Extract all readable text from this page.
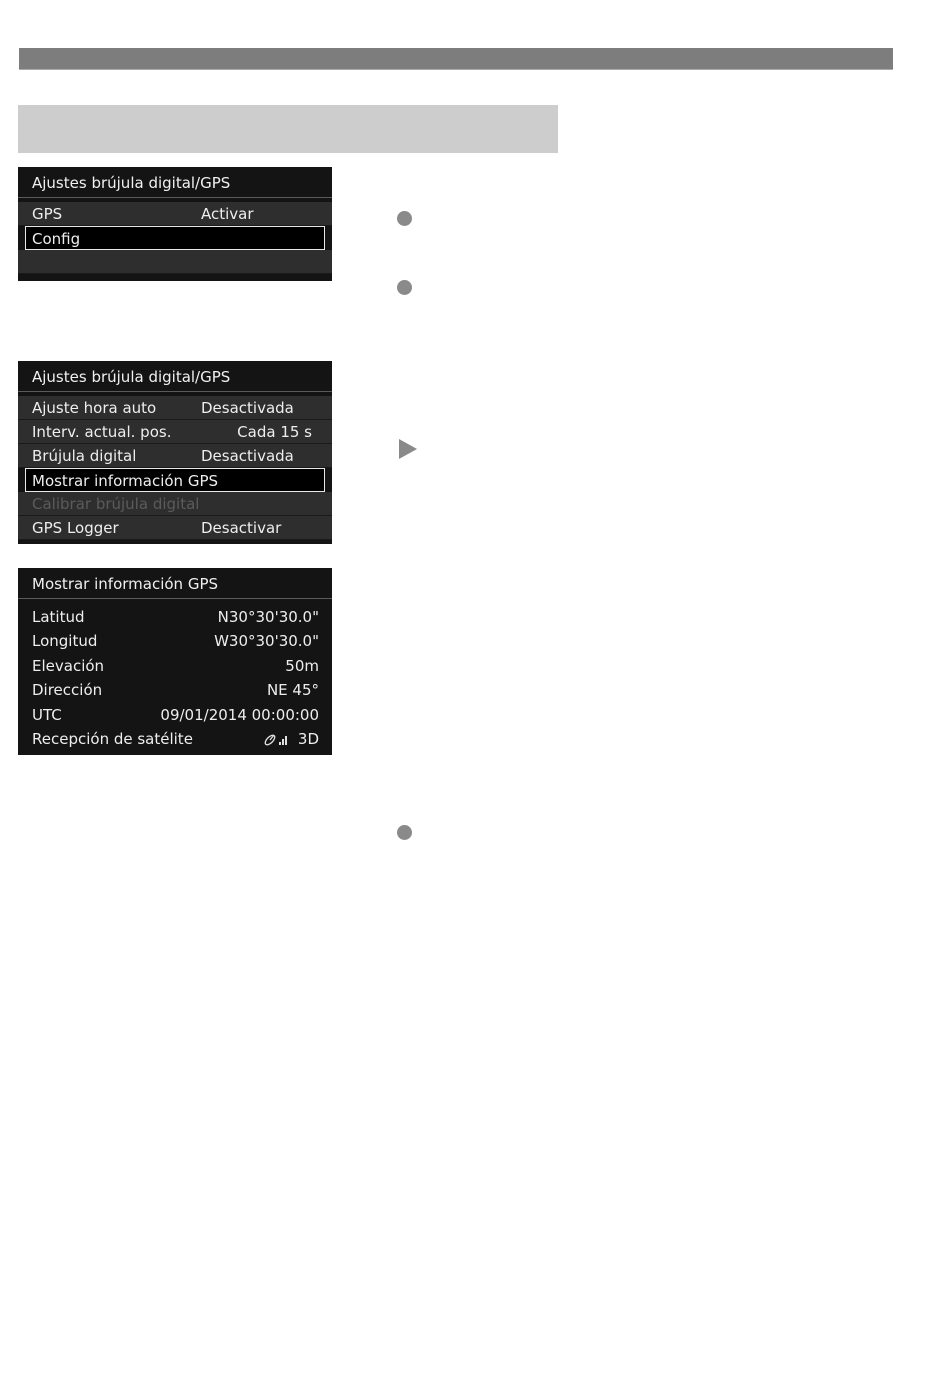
Ajustes brújula digital/GPS
GPS	Activar
Config
Ajustes brújula digital/GPS
Ajuste hora auto	Desactivada
Interv. actual. pos.	Cada 15 s
Brújula digital	Desactivada
Mostrar información GPS
Calibrar brújula digital
GPS Logger	Desactivar
Mostrar información GPS
Latitud	N30°30'30.0"
Longitud	W30°30'30.0"
Elevación	50m
Dirección	NE 45°
UTC	09/01/2014 00:00:00
Recepción de satélite	3D
